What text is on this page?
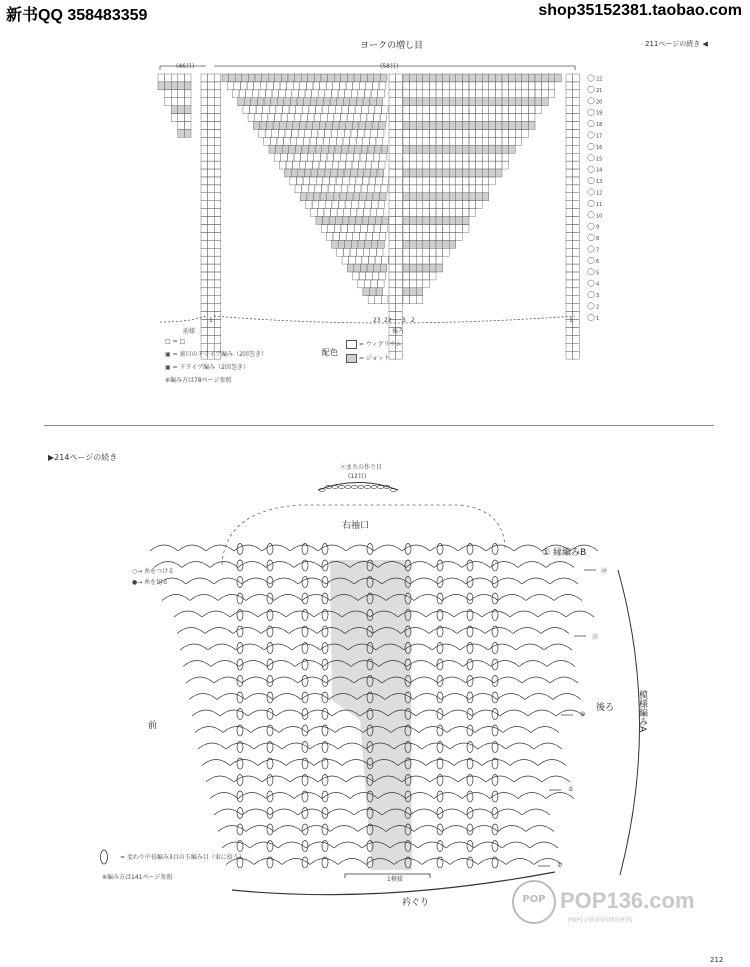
新书QQ 358483359	shop35152381.taobao.com
22
21
20
19
18
17
16
15
14
13
12
11
10
9
8
7
6
5
4
3
2
1
ヨークの増し目	211ページの続き ◀
(46目)	(58目)
前様
1	23 22 3 2	1
後ろ
□ = □
▣ = 裏目のドライブ編み（2回巻き）
▣ = ドライブ編み（2回巻き）
※編み方は78ページ参照
配色
= ウィグリウム
= ジョット
▶214ページの続き
ⓐまちの作り目
(12目)
右袖口
① 縁編みB
○→ 糸をつける
●→ 糸を切る
前
後ろ	模様編みA
1模様
衿ぐり
= 変わり中長編み3目の玉編み目（束に拾う）
※編み方は141ページ参照
⑳
⑮
⑩
⑤
①
POP POP136.com
POP(全球)时尚网络机构
212
